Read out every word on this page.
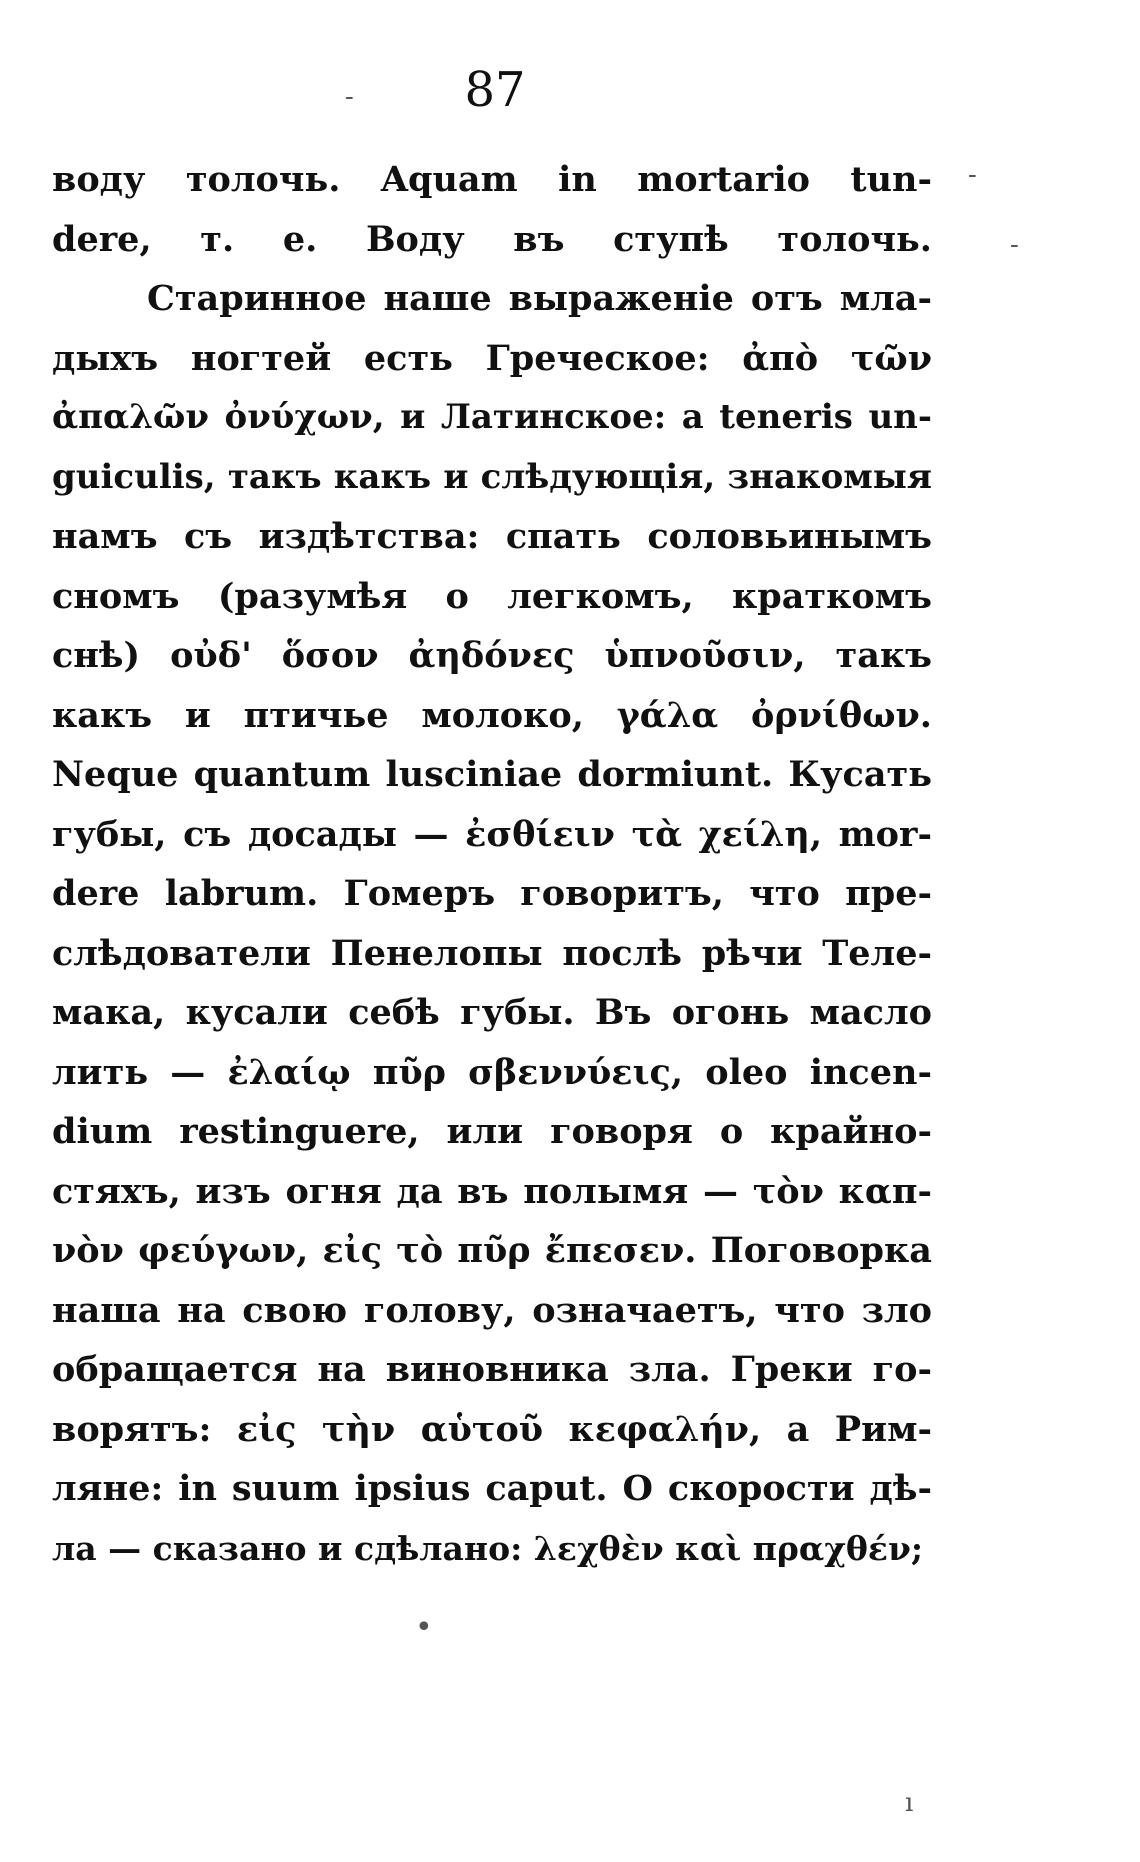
87
воду толочь. Aquam in mortario tun-
dere, т. е. Воду въ ступѣ толочь.
Старинное наше выраженіе отъ мла-
дыхъ ногтей есть Греческое: ἀπὸ τῶν
ἀπαλῶν ὀνύχων, и Латинское: a teneris un-
guiculis, такъ какъ и слѣдующія, знакомыя
намъ съ издѣтства: спать соловьинымъ
сномъ (разумѣя о легкомъ, краткомъ
снѣ) οὐδ' ὅσον ἀηδόνες ὑπνοῦσιν, такъ
какъ и птичье молоко, γάλα ὀρνίθων.
Neque quantum lusciniae dormiunt. Кусать
губы, съ досады — ἐσθίειν τὰ χείλη, mor-
dere labrum. Гомеръ говоритъ, что пре-
слѣдователи Пенелопы послѣ рѣчи Теле-
мака, кусали себѣ губы. Въ огонь масло
лить — ἐλαίῳ πῦρ σβεννύεις, oleo incen-
dium restinguere, или говоря о крайно-
стяхъ, изъ огня да въ полымя — τὸν καπ-
νὸν φεύγων, εἰς τὸ πῦρ ἔπεσεν. Поговорка
наша на свою голову, означаетъ, что зло
обращается на виновника зла. Греки го-
ворятъ: εἰς τὴν αὑτοῦ κεφαλήν, а Рим-
ляне: in suum ipsius caput. О скорости дѣ-
ла — сказано и сдѣлано: λεχθὲν καὶ πραχθέν;
-
-
-
•
ı
